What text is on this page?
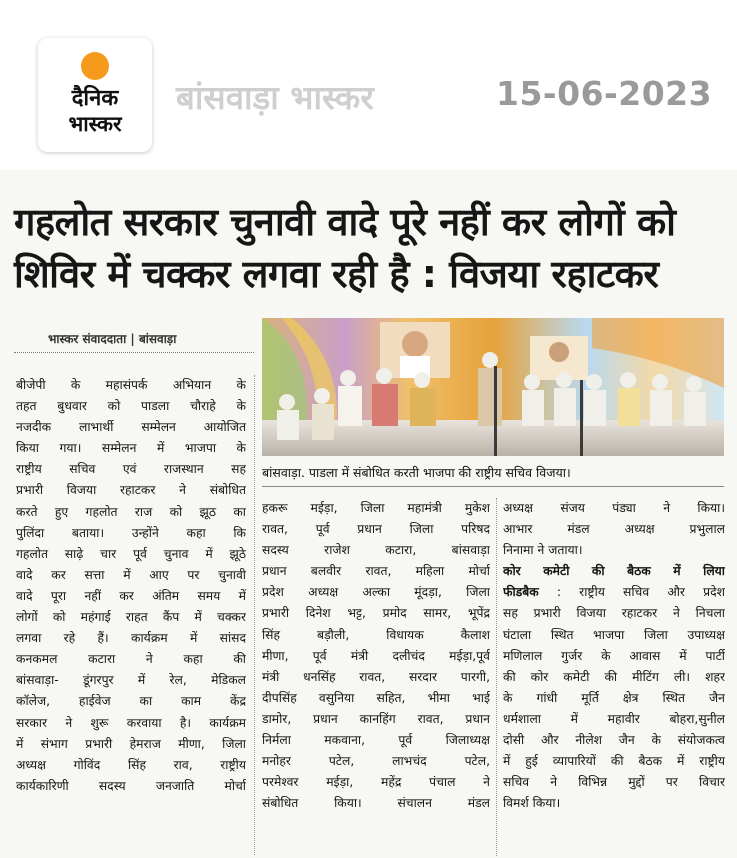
दैनिक
भास्कर
बांसवाड़ा भास्कर	15-06-2023
गहलोत सरकार चुनावी वादे पूरे नहीं कर लोगों को
शिविर में चक्कर लगवा रही है : विजया रहाटकर
भास्कर संवाददाता | बांसवाड़ा
बांसवाड़ा. पाडला में संबोधित करती भाजपा की राष्ट्रीय सचिव विजया।

बीजेपी के महासंपर्क अभियान के

तहत बुधवार को पाडला चौराहे के

नजदीक लाभार्थी सम्मेलन आयोजित

किया गया। सम्मेलन में भाजपा के

राष्ट्रीय सचिव एवं राजस्थान सह

प्रभारी विजया रहाटकर ने संबोधित

करते हुए गहलोत राज को झूठ का

पुलिंदा बताया। उन्होंने कहा कि

गहलोत साढ़े चार पूर्व चुनाव में झूठे

वादे कर सत्ता में आए पर चुनावी

वादे पूरा नहीं कर अंतिम समय में

लोगों को महंगाई राहत कैंप में चक्कर

लगवा रहे हैं। कार्यक्रम में सांसद

कनकमल कटारा ने कहा की

बांसवाड़ा- डूंगरपुर में रेल, मेडिकल

कॉलेज, हाईवेज का काम केंद्र

सरकार ने शुरू करवाया है। कार्यक्रम

में संभाग प्रभारी हेमराज मीणा, जिला

अध्यक्ष गोविंद सिंह राव, राष्ट्रीय

कार्यकारिणी सदस्य जनजाति मोर्चा

हकरू मईड़ा, जिला महामंत्री मुकेश

रावत, पूर्व प्रधान जिला परिषद

सदस्य राजेश कटारा, बांसवाड़ा

प्रधान बलवीर रावत, महिला मोर्चा

प्रदेश अध्यक्ष अल्का मूंदड़ा, जिला

प्रभारी दिनेश भट्ट, प्रमोद सामर, भूपेंद्र

सिंह बड़ौली, विधायक कैलाश

मीणा, पूर्व मंत्री दलीचंद मईड़ा,पूर्व

मंत्री धनसिंह रावत, सरदार पारगी,

दीपसिंह वसुनिया सहित, भीमा भाई

डामोर, प्रधान कानहिंग रावत, प्रधान

निर्मला मकवाना, पूर्व जिलाध्यक्ष

मनोहर पटेल, लाभचंद पटेल,

परमेश्वर मईड़ा, महेंद्र पंचाल ने

संबोधित किया। संचालन मंडल

अध्यक्ष संजय पंड्या ने किया।

आभार मंडल अध्यक्ष प्रभुलाल

निनामा ने जताया।

कोर कमेटी की बैठक में लिया

फीडबैक : राष्ट्रीय सचिव और प्रदेश

सह प्रभारी विजया रहाटकर ने निचला

घंटाला स्थित भाजपा जिला उपाध्यक्ष

मणिलाल गुर्जर के आवास में पार्टी

की कोर कमेटी की मीटिंग ली। शहर

के गांधी मूर्ति क्षेत्र स्थित जैन

धर्मशाला में महावीर बोहरा,सुनील

दोसी और नीलेश जैन के संयोजकत्व

में हुई व्यापारियों की बैठक में राष्ट्रीय

सचिव ने विभिन्न मुद्दों पर विचार

विमर्श किया।
